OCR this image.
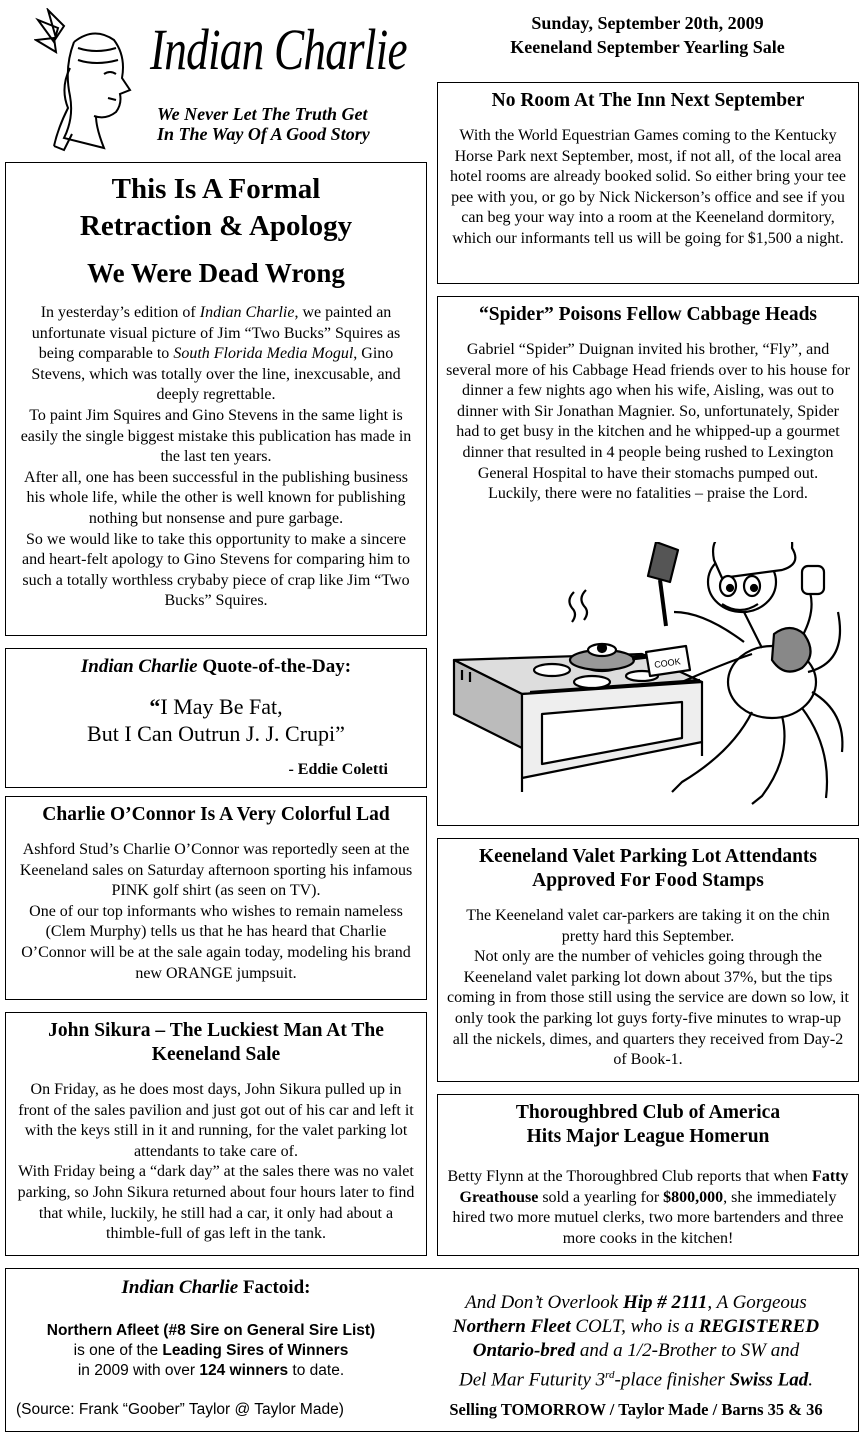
Indian Charlie
We Never Let The Truth Get
In The Way Of A Good Story
Sunday, September 20th, 2009
Keeneland September Yearling Sale
This Is A Formal
Retraction & Apology
We Were Dead Wrong

In yesterday’s edition of Indian Charlie, we painted an unfortunate visual picture of Jim “Two Bucks” Squires as being comparable to South Florida Media Mogul, Gino Stevens, which was totally over the line, inexcusable, and deeply regrettable.

To paint Jim Squires and Gino Stevens in the same light is easily the single biggest mistake this publication has made in the last ten years.

After all, one has been successful in the publishing business his whole life, while the other is well known for publishing nothing but nonsense and pure garbage.

So we would like to take this opportunity to make a sincere and heart-felt apology to Gino Stevens for comparing him to such a totally worthless crybaby piece of crap like Jim “Two Bucks” Squires.

Indian Charlie Quote-of-the-Day:
“I May Be Fat,
But I Can Outrun J. J. Crupi”
- Eddie Coletti
Charlie O’Connor Is A Very Colorful Lad

Ashford Stud’s Charlie O’Connor was reportedly seen at the Keeneland sales on Saturday afternoon sporting his infamous PINK golf shirt (as seen on TV).

One of our top informants who wishes to remain nameless (Clem Murphy) tells us that he has heard that Charlie O’Connor will be at the sale again today, modeling his brand new ORANGE jumpsuit.

John Sikura – The Luckiest Man At The
Keeneland Sale

On Friday, as he does most days, John Sikura pulled up in front of the sales pavilion and just got out of his car and left it with the keys still in it and running, for the valet parking lot attendants to take care of.

With Friday being a “dark day” at the sales there was no valet parking, so John Sikura returned about four hours later to find that while, luckily, he still had a car, it only had about a thimble-full of gas left in the tank.

No Room At The Inn Next September

With the World Equestrian Games coming to the Kentucky Horse Park next September, most, if not all, of the local area hotel rooms are already booked solid. So either bring your tee pee with you, or go by Nick Nickerson’s office and see if you can beg your way into a room at the Keeneland dormitory, which our informants tell us will be going for $1,500 a night.

“Spider” Poisons Fellow Cabbage Heads

Gabriel “Spider” Duignan invited his brother, “Fly”, and several more of his Cabbage Head friends over to his house for dinner a few nights ago when his wife, Aisling, was out to dinner with Sir Jonathan Magnier. So, unfortunately, Spider had to get busy in the kitchen and he whipped-up a gourmet dinner that resulted in 4 people being rushed to Lexington General Hospital to have their stomachs pumped out.

Luckily, there were no fatalities – praise the Lord.

COOK
Keeneland Valet Parking Lot Attendants
Approved For Food Stamps

The Keeneland valet car-parkers are taking it on the chin pretty hard this September.

Not only are the number of vehicles going through the Keeneland valet parking lot down about 37%, but the tips coming in from those still using the service are down so low, it only took the parking lot guys forty-five minutes to wrap-up all the nickels, dimes, and quarters they received from Day-2 of Book-1.

Thoroughbred Club of America
Hits Major League Homerun

Betty Flynn at the Thoroughbred Club reports that when Fatty Greathouse sold a yearling for $800,000, she immediately hired two more mutuel clerks, two more bartenders and three more cooks in the kitchen!

Indian Charlie Factoid:
Northern Afleet (#8 Sire on General Sire List)
is one of the Leading Sires of Winners
in 2009 with over 124 winners to date.
(Source: Frank “Goober” Taylor @ Taylor Made)
And Don’t Overlook Hip # 2111, A Gorgeous
Northern Fleet COLT, who is a REGISTERED
Ontario-bred and a 1/2-Brother to SW and
Del Mar Futurity 3rd-place finisher Swiss Lad.
Selling TOMORROW / Taylor Made / Barns 35 & 36
